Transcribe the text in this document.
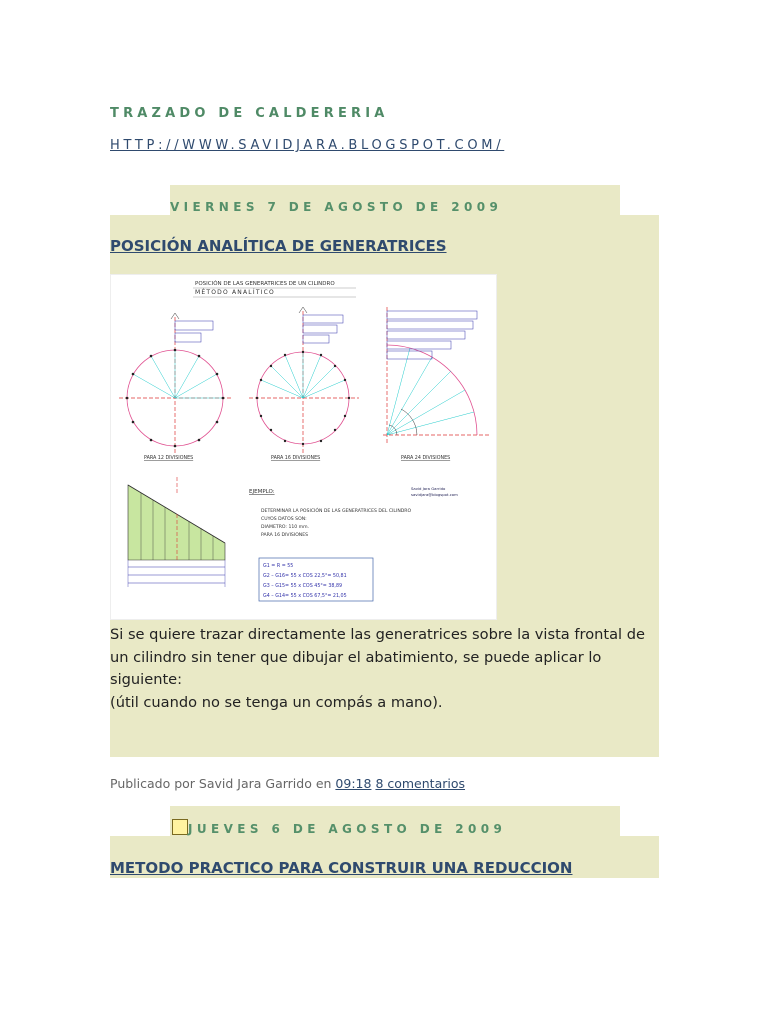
TRAZADO DE CALDERERIA
HTTP://WWW.SAVIDJARA.BLOGSPOT.COM/
VIERNES 7 DE AGOSTO DE 2009
POSICIÓN ANALÍTICA DE GENERATRICES
POSICIÓN DE LAS GENERATRICES DE UN CILINDRO
MÉTODO ANALÍTICO
PARA 12 DIVISIONES	PARA 16 DIVISIONES	PARA 24 DIVISIONES
EJEMPLO:
Savid Jara Garrido
savidjara@blogspot.com
DETERMINAR LA POSICIÓN DE LAS GENERATRICES DEL CILINDRO
CUYOS DATOS SON:
DIAMETRO: 110 mm.
PARA 16 DIVISIONES
G1 = R = 55
G2 – G16= 55 x COS 22,5°= 50,81
G3 – G15= 55 x COS 45°= 38,89
G4 – G14= 55 x COS 67,5°= 21,05
Si se quiere trazar directamente las generatrices sobre la vista frontal de un cilindro sin tener que dibujar el abatimiento, se puede aplicar lo siguiente:
(útil cuando no se tenga un compás a mano).
Publicado por Savid Jara Garrido en 09:18 8 comentarios
JUEVES 6 DE AGOSTO DE 2009
METODO PRACTICO PARA CONSTRUIR UNA REDUCCION
